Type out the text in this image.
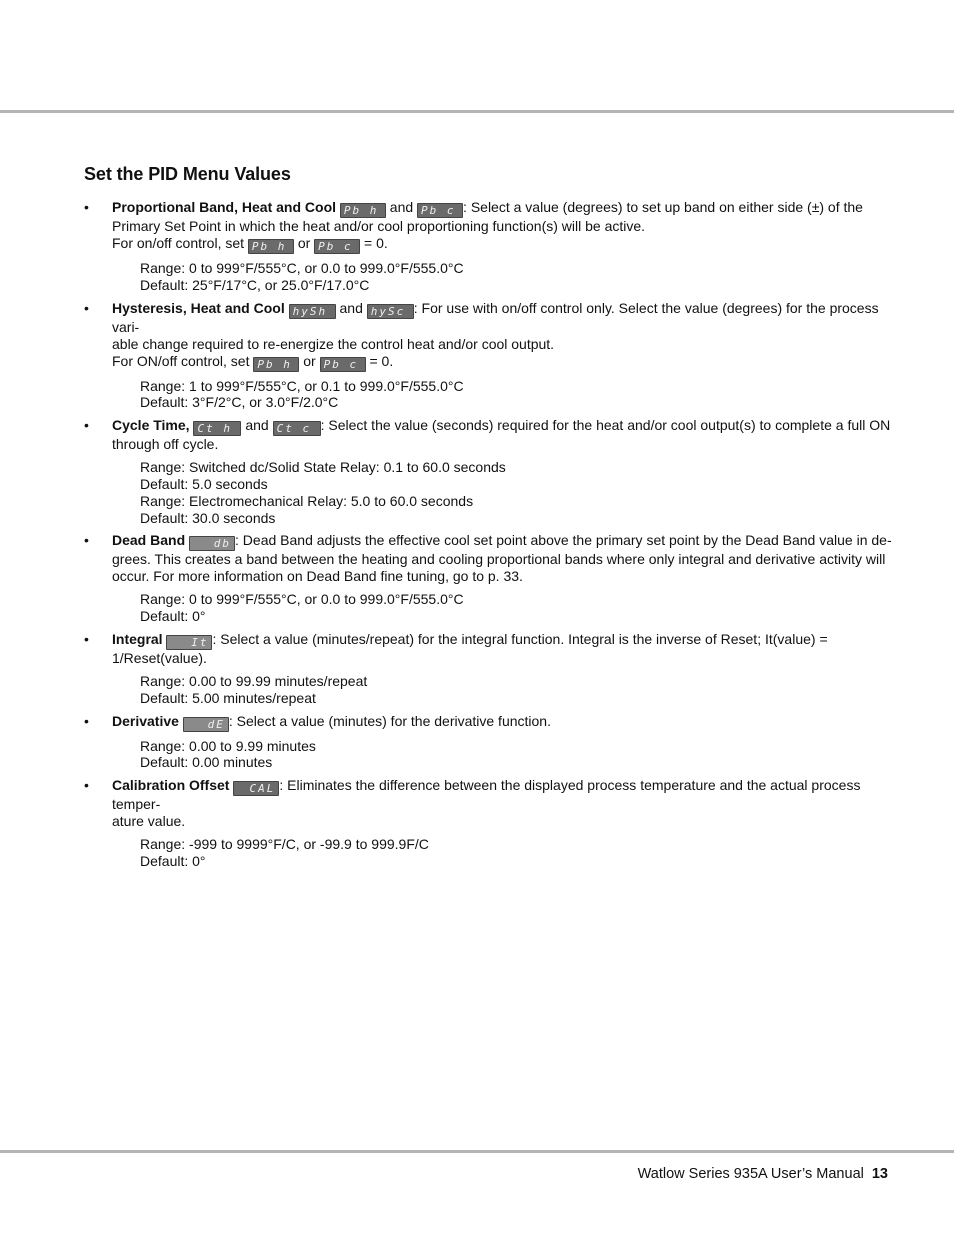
Set the PID Menu Values
• Proportional Band, Heat and Cool Pb h and Pb c : Select a value (degrees) to set up band on either side (±) of the

Primary Set Point in which the heat and/or cool proportioning function(s) will be active.

For on/off control, set Pb h or Pb c = 0.

Range: 0 to 999°F/555°C, or 0.0 to 999.0°F/555.0°C

Default: 25°F/17°C, or 25.0°F/17.0°C

• Hysteresis, Heat and Cool hySh and hySc : For use with on/off control only. Select the value (degrees) for the process vari-

able change required to re-energize the control heat and/or cool output.

For ON/off control, set Pb h or Pb c = 0.

Range: 1 to 999°F/555°C, or 0.1 to 999.0°F/555.0°C

Default: 3°F/2°C, or 3.0°F/2.0°C

• Cycle Time, Ct h and Ct c : Select the value (seconds) required for the heat and/or cool output(s) to complete a full ON

through off cycle.

Range: Switched dc/Solid State Relay: 0.1 to 60.0 seconds

Default: 5.0 seconds

Range: Electromechanical Relay: 5.0 to 60.0 seconds

Default: 30.0 seconds

• Dead Band	db : Dead Band adjusts the effective cool set point above the primary set point by the Dead Band value in de-

grees. This creates a band between the heating and cooling proportional bands where only integral and derivative activity will

occur. For more information on Dead Band fine tuning, go to p. 33.

Range: 0 to 999°F/555°C, or 0.0 to 999.0°F/555.0°C

Default: 0°

• Integral	It : Select a value (minutes/repeat) for the integral function. Integral is the inverse of Reset; It(value) =

1/Reset(value).

Range: 0.00 to 99.99 minutes/repeat

Default: 5.00 minutes/repeat

• Derivative	dE : Select a value (minutes) for the derivative function.

Range: 0.00 to 9.99 minutes

Default: 0.00 minutes

• Calibration Offset CAL : Eliminates the difference between the displayed process temperature and the actual process temper-

ature value.

Range: -999 to 9999°F/C, or -99.9 to 999.9F/C

Default: 0°

Watlow Series 935A User’s Manual 13
